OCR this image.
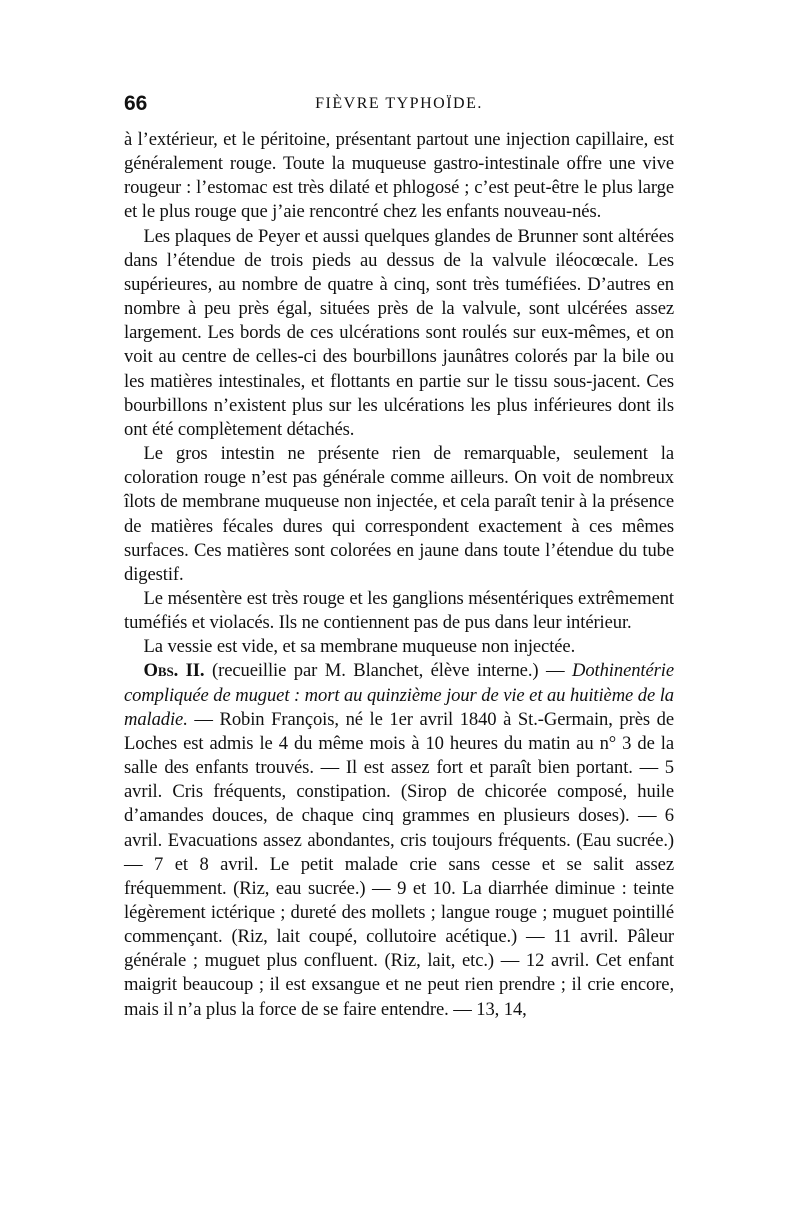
66	FIÈVRE TYPHOÏDE.

à l’extérieur, et le péritoine, présentant partout une injection capillaire, est généralement rouge. Toute la muqueuse gastro-intestinale offre une vive rougeur : l’estomac est très dilaté et phlogosé ; c’est peut-être le plus large et le plus rouge que j’aie rencontré chez les enfants nouveau-nés.

Les plaques de Peyer et aussi quelques glandes de Brunner sont altérées dans l’étendue de trois pieds au dessus de la valvule iléocœcale. Les supérieures, au nombre de quatre à cinq, sont très tuméfiées. D’autres en nombre à peu près égal, situées près de la valvule, sont ulcérées assez largement. Les bords de ces ulcérations sont roulés sur eux-mêmes, et on voit au centre de celles-ci des bourbillons jaunâtres colorés par la bile ou les matières intestinales, et flottants en partie sur le tissu sous-jacent. Ces bourbillons n’existent plus sur les ulcérations les plus inférieures dont ils ont été complètement détachés.

Le gros intestin ne présente rien de remarquable, seulement la coloration rouge n’est pas générale comme ailleurs. On voit de nombreux îlots de membrane muqueuse non injectée, et cela paraît tenir à la présence de matières fécales dures qui correspondent exactement à ces mêmes surfaces. Ces matières sont colorées en jaune dans toute l’étendue du tube digestif.

Le mésentère est très rouge et les ganglions mésentériques extrêmement tuméfiés et violacés. Ils ne contiennent pas de pus dans leur intérieur.

La vessie est vide, et sa membrane muqueuse non injectée.

Obs. II. (recueillie par M. Blanchet, élève interne.) — Dothinentérie compliquée de muguet : mort au quinzième jour de vie et au huitième de la maladie. — Robin François, né le 1er avril 1840 à St.-Germain, près de Loches est admis le 4 du même mois à 10 heures du matin au n° 3 de la salle des enfants trouvés. — Il est assez fort et paraît bien portant. — 5 avril. Cris fréquents, constipation. (Sirop de chicorée composé, huile d’amandes douces, de chaque cinq grammes en plusieurs doses). — 6 avril. Evacuations assez abondantes, cris toujours fréquents. (Eau sucrée.) — 7 et 8 avril. Le petit malade crie sans cesse et se salit assez fréquemment. (Riz, eau sucrée.) — 9 et 10. La diarrhée diminue : teinte légèrement ictérique ; dureté des mollets ; langue rouge ; muguet pointillé commençant. (Riz, lait coupé, collutoire acétique.) — 11 avril. Pâleur générale ; muguet plus confluent. (Riz, lait, etc.) — 12 avril. Cet enfant maigrit beaucoup ; il est exsangue et ne peut rien prendre ; il crie encore, mais il n’a plus la force de se faire entendre. — 13, 14,
